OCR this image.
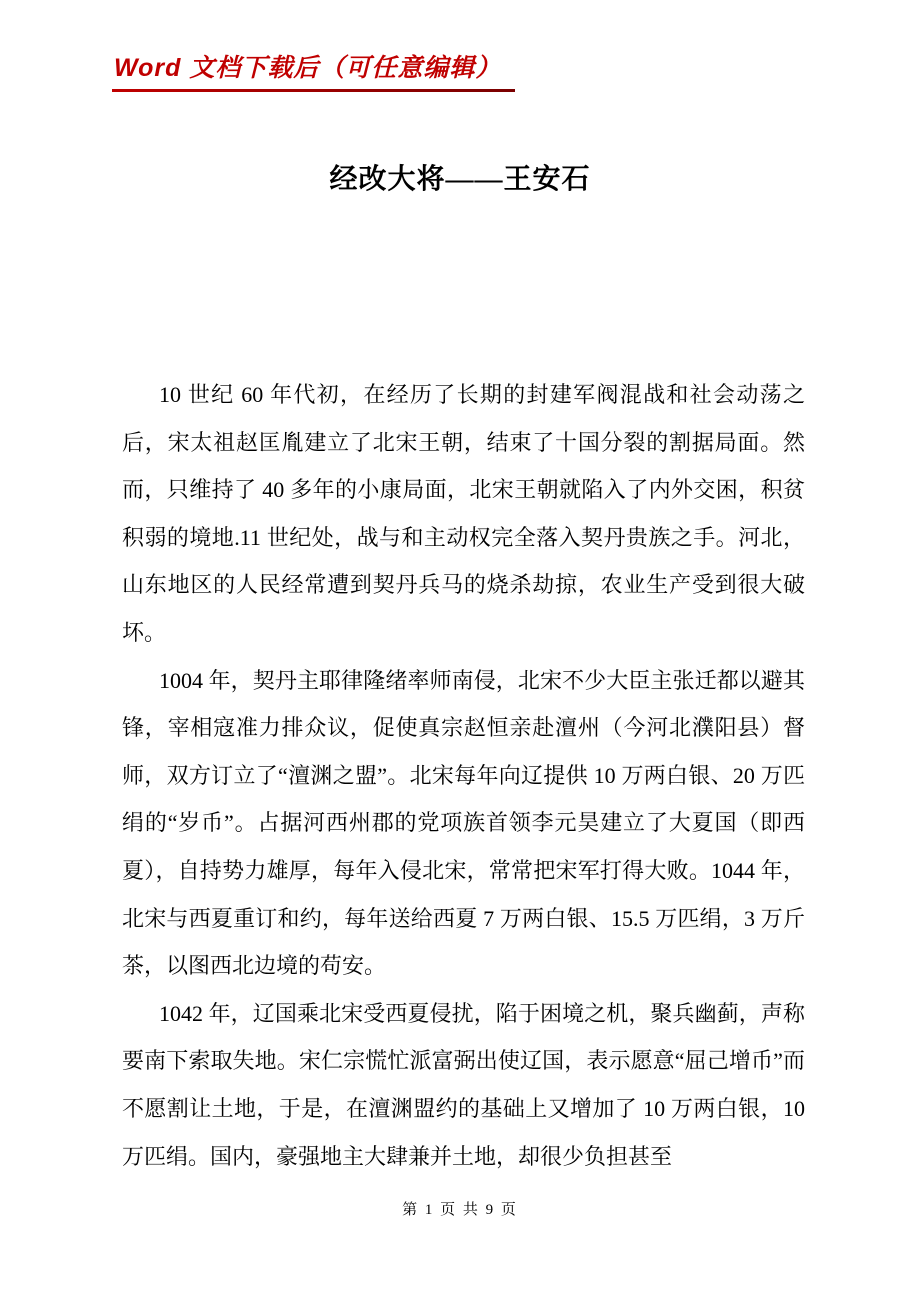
Word 文档下载后（可任意编辑）
经改大将——王安石

10 世纪 60 年代初，在经历了长期的封建军阀混战和社会动荡之后，宋太祖赵匡胤建立了北宋王朝，结束了十国分裂的割据局面。然而，只维持了 40 多年的小康局面，北宋王朝就陷入了内外交困，积贫积弱的境地.11 世纪处，战与和主动权完全落入契丹贵族之手。河北，山东地区的人民经常遭到契丹兵马的烧杀劫掠，农业生产受到很大破坏。

1004 年，契丹主耶律隆绪率师南侵，北宋不少大臣主张迁都以避其锋，宰相寇准力排众议，促使真宗赵恒亲赴澶州（今河北濮阳县）督师，双方订立了“澶渊之盟”。北宋每年向辽提供 10 万两白银、20 万匹绢的“岁币”。占据河西州郡的党项族首领李元昊建立了大夏国（即西夏），自持势力雄厚，每年入侵北宋，常常把宋军打得大败。1044 年，北宋与西夏重订和约，每年送给西夏 7 万两白银、15.5 万匹绢，3 万斤茶，以图西北边境的苟安。

1042 年，辽国乘北宋受西夏侵扰，陷于困境之机，聚兵幽蓟，声称要南下索取失地。宋仁宗慌忙派富弼出使辽国，表示愿意“屈己增币”而不愿割让土地，于是，在澶渊盟约的基础上又增加了 10 万两白银，10 万匹绢。国内，豪强地主大肆兼并土地，却很少负担甚至

第 1 页 共 9 页
